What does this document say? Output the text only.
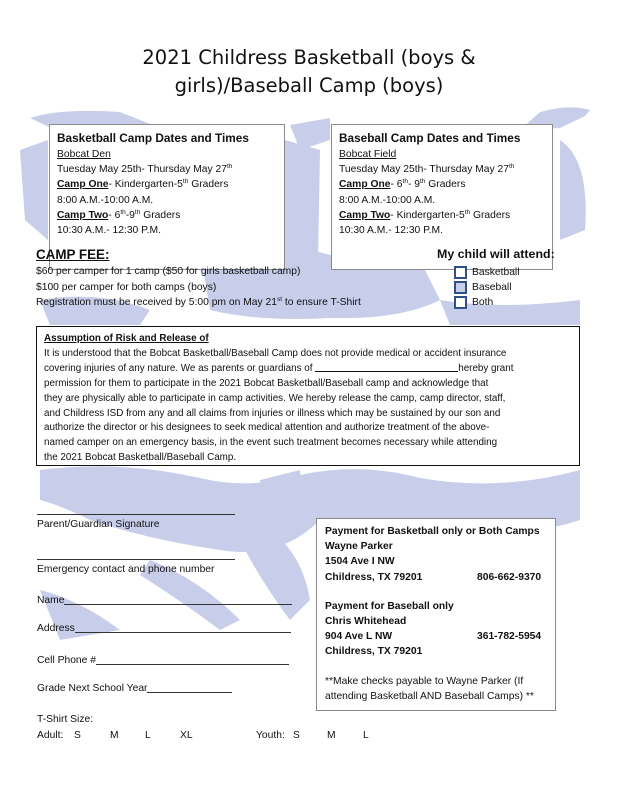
2021 Childress Basketball (boys &
girls)/Baseball Camp (boys)
Basketball Camp Dates and Times
Bobcat Den
Tuesday May 25th- Thursday May 27th
Camp One- Kindergarten-5th Graders
8:00 A.M.-10:00 A.M.
Camp Two- 6th-9th Graders
10:30 A.M.- 12:30 P.M.
Baseball Camp Dates and Times
Bobcat Field
Tuesday May 25th- Thursday May 27th
Camp One- 6th- 9th Graders
8:00 A.M.-10:00 A.M.
Camp Two- Kindergarten-5th Graders
10:30 A.M.- 12:30 P.M.
CAMP FEE:
$60 per camper for 1 camp ($50 for girls basketball camp)
$100 per camper for both camps (boys)
Registration must be received by 5:00 pm on May 21st to ensure T-Shirt
My child will attend:
Basketball
Baseball
Both
Assumption of Risk and Release of
It is understood that the Bobcat Basketball/Baseball Camp does not provide medical or accident insurance
covering injuries of any nature. We as parents or guardians of	hereby grant
permission for them to participate in the 2021 Bobcat Basketball/Baseball camp and acknowledge that
they are physically able to participate in camp activities. We hereby release the camp, camp director, staff,
and Childress ISD from any and all claims from injuries or illness which may be sustained by our son and
authorize the director or his designees to seek medical attention and authorize treatment of the above-
named camper on an emergency basis, in the event such treatment becomes necessary while attending
the 2021 Bobcat Basketball/Baseball Camp.
Parent/Guardian Signature
Emergency contact and phone number
Name
Address
Cell Phone #
Grade Next School Year
Payment for Basketball only or Both Camps
Wayne Parker
1504 Ave I NW
Childress, TX 79201	806-662-9370
Payment for Baseball only
Chris Whitehead
904 Ave L NW	361-782-5954
Childress, TX 79201
**Make checks payable to Wayne Parker (If
attending Basketball AND Baseball Camps) **
T-Shirt Size:
Adult: S	M	L	XL	Youth: S	M	L
